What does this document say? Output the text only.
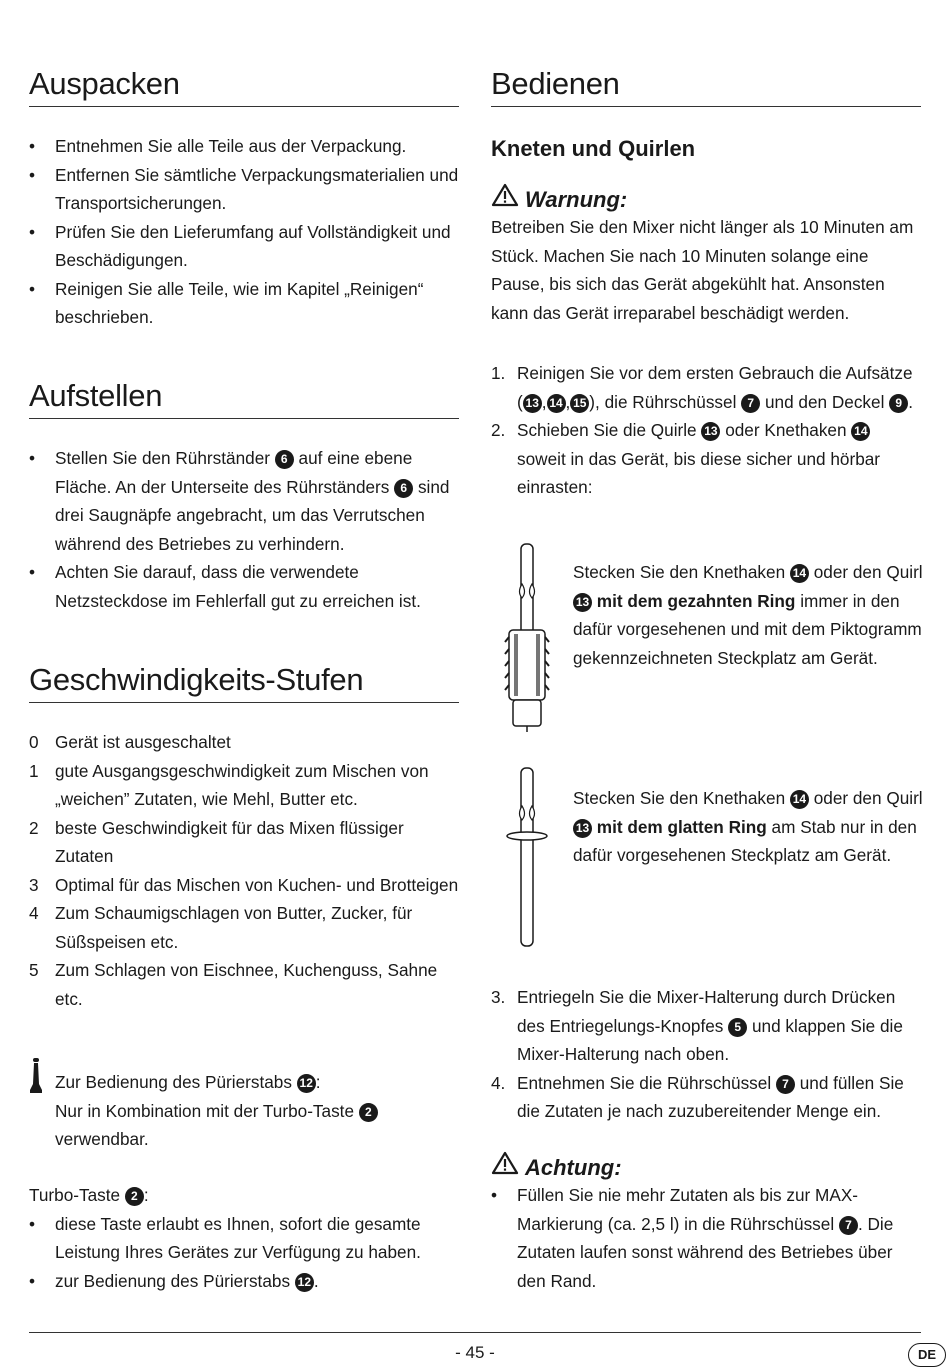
Auspacken
• Entnehmen Sie alle Teile aus der Verpackung.
• Entfernen Sie sämtliche Verpackungsmaterialien und Transportsicherungen.
• Prüfen Sie den Lieferumfang auf Vollständigkeit und Beschädigungen.
• Reinigen Sie alle Teile, wie im Kapitel „Reinigen“ beschrieben.
Aufstellen
• Stellen Sie den Rührständer 6 auf eine ebene Fläche. An der Unterseite des Rührständers 6 sind drei Saugnäpfe angebracht, um das Verrutschen während des Betriebes zu verhindern.
• Achten Sie darauf, dass die verwendete Netzsteckdose im Fehlerfall gut zu erreichen ist.
Geschwindigkeits-Stufen
0 Gerät ist ausgeschaltet
1 gute Ausgangsgeschwindigkeit zum Mischen von „weichen” Zutaten, wie Mehl, Butter etc.
2 beste Geschwindigkeit für das Mixen flüssiger Zutaten
3 Optimal für das Mischen von Kuchen- und Brotteigen
4 Zum Schaumigschlagen von Butter, Zucker, für Süßspeisen etc.
5 Zum Schlagen von Eischnee, Kuchenguss, Sahne etc.
Zur Bedienung des Pürierstabs 12 :
Nur in Kombination mit der Turbo-Taste 2 verwendbar.

Turbo-Taste 2 :

• diese Taste erlaubt es Ihnen, sofort die gesamte Leistung Ihres Gerätes zur Verfügung zu haben.
• zur Bedienung des Pürierstabs 12 .
Bedienen
Kneten und Quirlen
Warnung:

Betreiben Sie den Mixer nicht länger als 10 Minuten am Stück. Machen Sie nach 10 Minuten solange eine Pause, bis sich das Gerät abgekühlt hat. Ansonsten kann das Gerät irreparabel beschädigt werden.

1. Reinigen Sie vor dem ersten Gebrauch die Aufsätze ( 13 , 14 , 15 ), die Rührschüssel 7 und den Deckel 9 .
2. Schieben Sie die Quirle 13 oder Knethaken 14 soweit in das Gerät, bis diese sicher und hörbar einrasten:

Stecken Sie den Knethaken 14 oder den Quirl 13 mit dem gezahnten Ring immer in den dafür vorgesehenen und mit dem Piktogramm gekennzeichneten Steckplatz am Gerät.

Stecken Sie den Knethaken 14 oder den Quirl 13 mit dem glatten Ring am Stab nur in den dafür vorgesehenen Steckplatz am Gerät.

3. Entriegeln Sie die Mixer-Halterung durch Drücken des Entriegelungs-Knopfes 5 und klappen Sie die Mixer-Halterung nach oben.
4. Entnehmen Sie die Rührschüssel 7 und füllen Sie die Zutaten je nach zuzubereitender Menge ein.
Achtung:
• Füllen Sie nie mehr Zutaten als bis zur MAX-Markierung (ca. 2,5 l) in die Rührschüssel 7 . Die Zutaten laufen sonst während des Betriebes über den Rand.
- 45 -	DE
